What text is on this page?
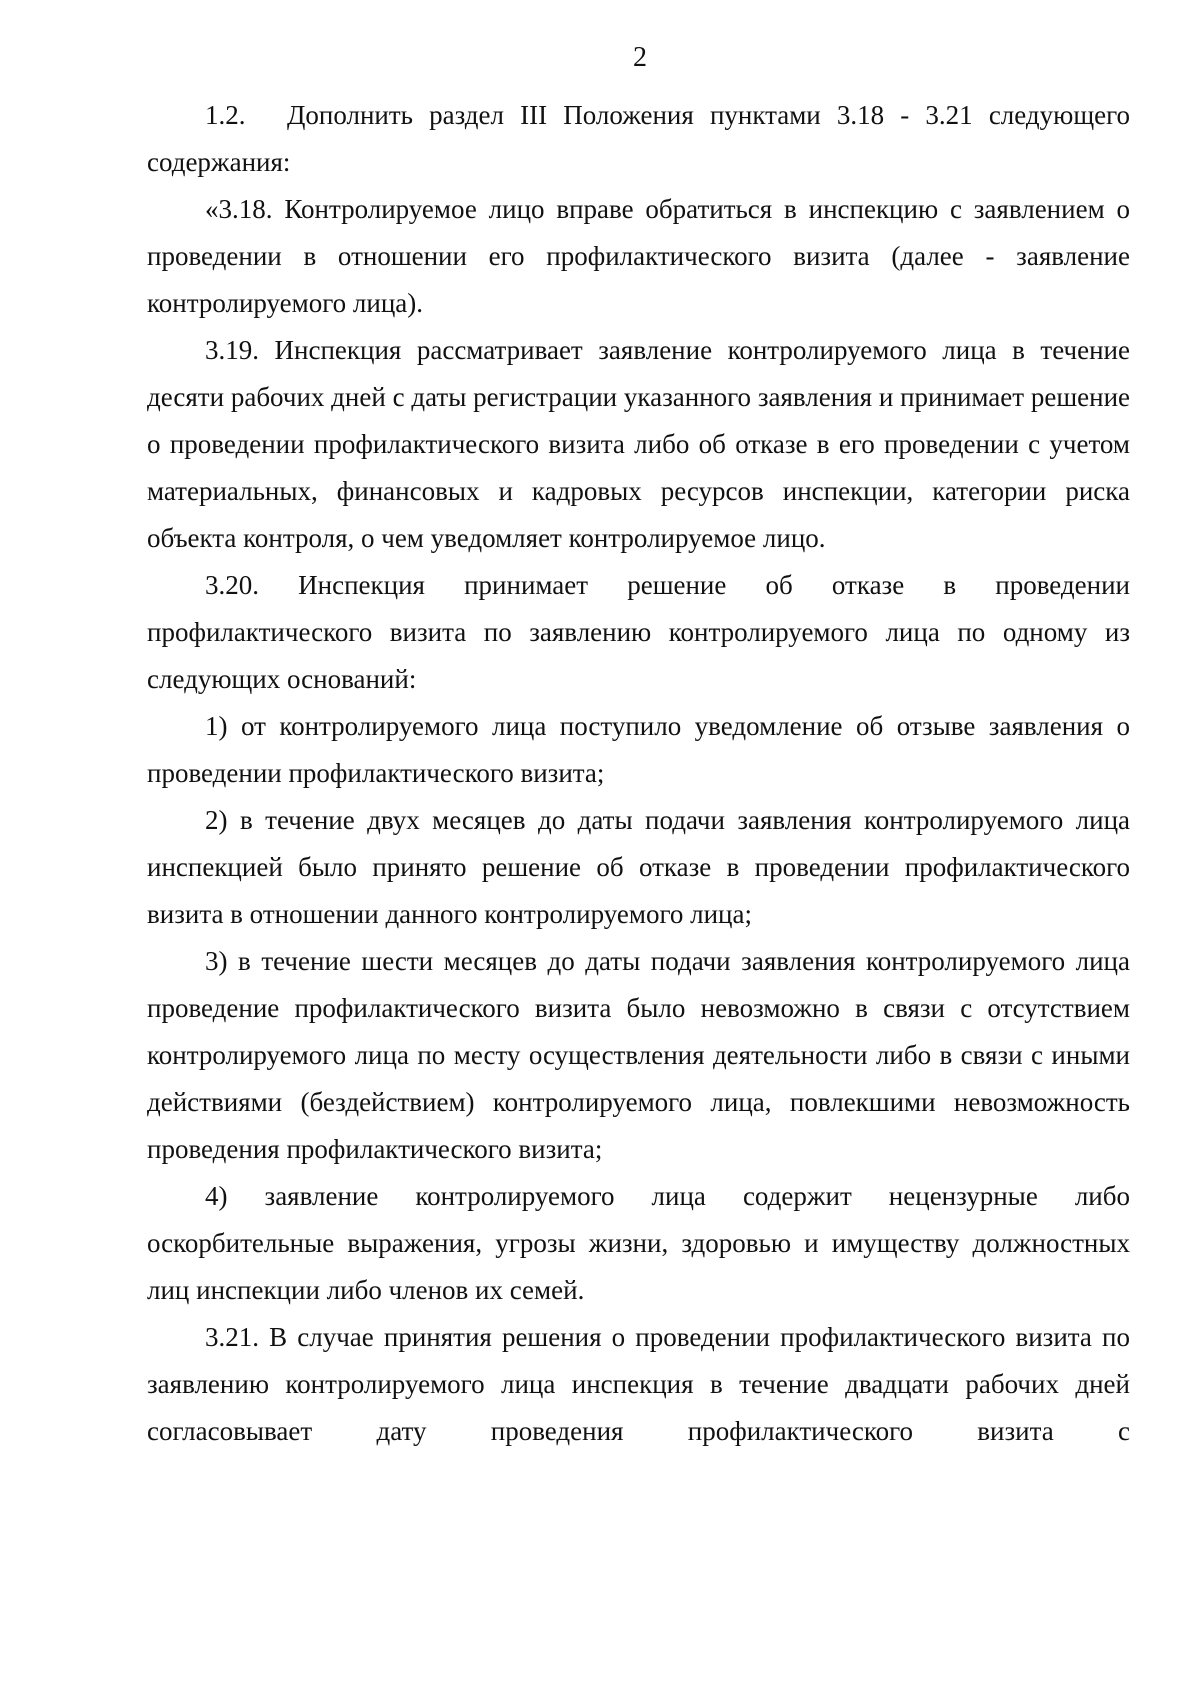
2
1.2.	Дополнить раздел III Положения пунктами 3.18 - 3.21 следующего

содержания:

«3.18. Контролируемое лицо вправе обратиться в инспекцию с заявлением о проведении в отношении его профилактического визита (далее - заявление контролируемого лица).

3.19. Инспекция рассматривает заявление контролируемого лица в течение десяти рабочих дней с даты регистрации указанного заявления и принимает решение о проведении профилактического визита либо об отказе в его проведении с учетом материальных, финансовых и кадровых ресурсов инспекции, категории риска объекта контроля, о чем уведомляет контролируемое лицо.

3.20. Инспекция принимает решение об отказе в проведении профилактического визита по заявлению контролируемого лица по одному из следующих оснований:

1) от контролируемого лица поступило уведомление об отзыве заявления о проведении профилактического визита;

2) в течение двух месяцев до даты подачи заявления контролируемого лица инспекцией было принято решение об отказе в проведении профилактического визита в отношении данного контролируемого лица;

3) в течение шести месяцев до даты подачи заявления контролируемого лица проведение профилактического визита было невозможно в связи с отсутствием контролируемого лица по месту осуществления деятельности либо в связи с иными действиями (бездействием) контролируемого лица, повлекшими невозможность проведения профилактического визита;

4) заявление контролируемого лица содержит нецензурные либо оскорбительные выражения, угрозы жизни, здоровью и имуществу должностных лиц инспекции либо членов их семей.

3.21. В случае принятия решения о проведении профилактического визита по заявлению контролируемого лица инспекция в течение двадцати рабочих дней согласовывает дату проведения профилактического визита с
